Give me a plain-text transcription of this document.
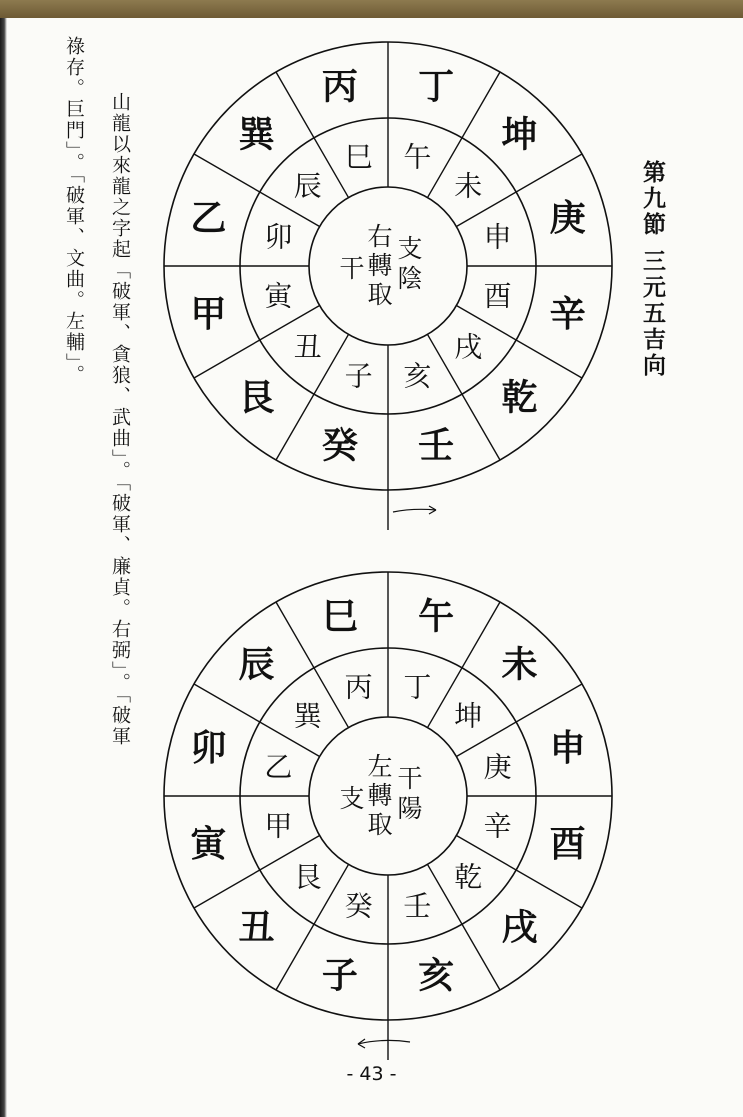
第九節 三元五吉向
山龍以來龍之字起「破軍、貪狼、武曲」。「破軍、廉貞。右弼」。「破軍
祿存。巨門」。「破軍、文曲。左輔」。	丁
午
坤
未
庚
申
辛
酉
乾
戌
壬
亥
癸
子
艮
丑
甲 寅
乙 卯
巽
辰
丙
巳
支
陰
右
轉
取
干
午
丁
未
坤
申
庚
酉
辛
戌
乾
亥
壬
子
癸
丑
艮
寅 甲
卯 乙
辰
巽
巳
丙
干
陽
左
轉
取
支
- 43 -
